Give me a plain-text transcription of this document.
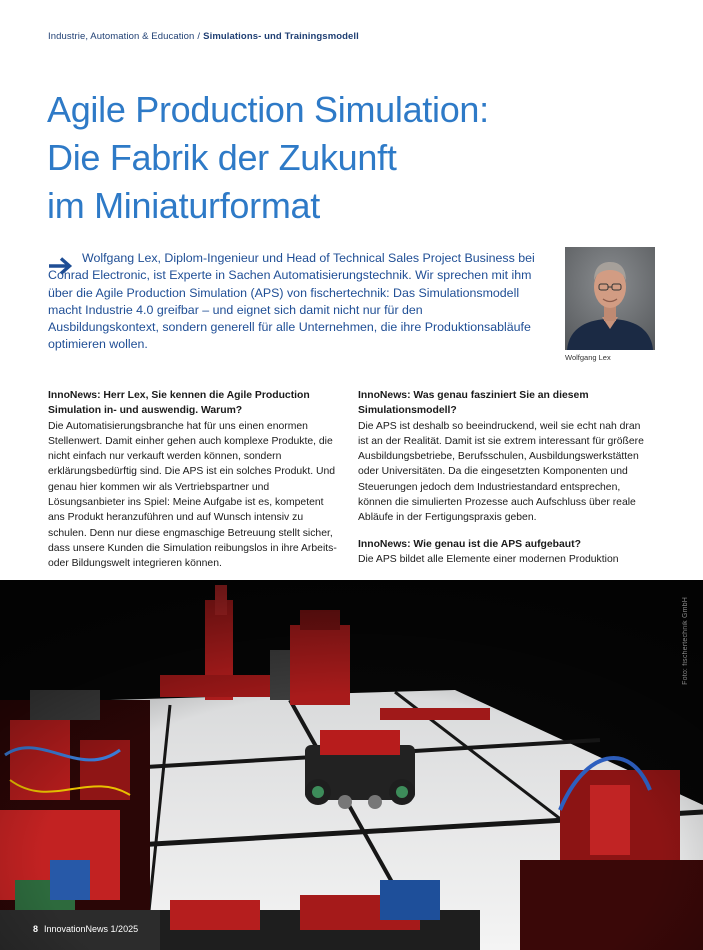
Industrie, Automation & Education / Simulations- und Trainingsmodell
Agile Production Simulation:
Die Fabrik der Zukunft
im Miniaturformat

Wolfgang Lex, Diplom-Ingenieur und Head of Technical Sales Project Business bei Conrad Electronic, ist Experte in Sachen Automatisierungstechnik. Wir sprechen mit ihm über die Agile Production Simulation (APS) von fischertechnik: Das Simulationsmodell macht Industrie 4.0 greifbar – und eignet sich damit nicht nur für den Ausbildungskontext, sondern generell für alle Unternehmen, die ihre Produktionsabläufe optimieren wollen.

Wolfgang Lex

InnoNews: Herr Lex, Sie kennen die Agile Production Simulation in- und auswendig. Warum?

Die Automatisierungsbranche hat für uns einen enormen Stellenwert. Damit einher gehen auch komplexe Produkte, die nicht einfach nur verkauft werden können, sondern erklärungsbedürftig sind. Die APS ist ein solches Produkt. Und genau hier kommen wir als Vertriebspartner und Lösungsanbieter ins Spiel: Meine Aufgabe ist es, kompetent ans Produkt heranzuführen und auf Wunsch intensiv zu schulen. Denn nur diese engmaschige Betreuung stellt sicher, dass unsere Kunden die Simulation reibungslos in ihre Arbeits- oder Bildungswelt integrieren können.

InnoNews: Was genau fasziniert Sie an diesem Simulationsmodell?

Die APS ist deshalb so beeindruckend, weil sie echt nah dran ist an der Realität. Damit ist sie extrem interessant für größere Ausbildungsbetriebe, Berufsschulen, Ausbildungswerkstätten oder Universitäten. Da die eingesetzten Komponenten und Steuerungen jedoch dem Industriestandard entsprechen, können die simulierten Prozesse auch Aufschluss über reale Abläufe in der Fertigungspraxis geben.

InnoNews: Wie genau ist die APS aufgebaut?

Die APS bildet alle Elemente einer modernen Produktion

Foto: fischertechnik GmbH
8 InnovationNews 1/2025
